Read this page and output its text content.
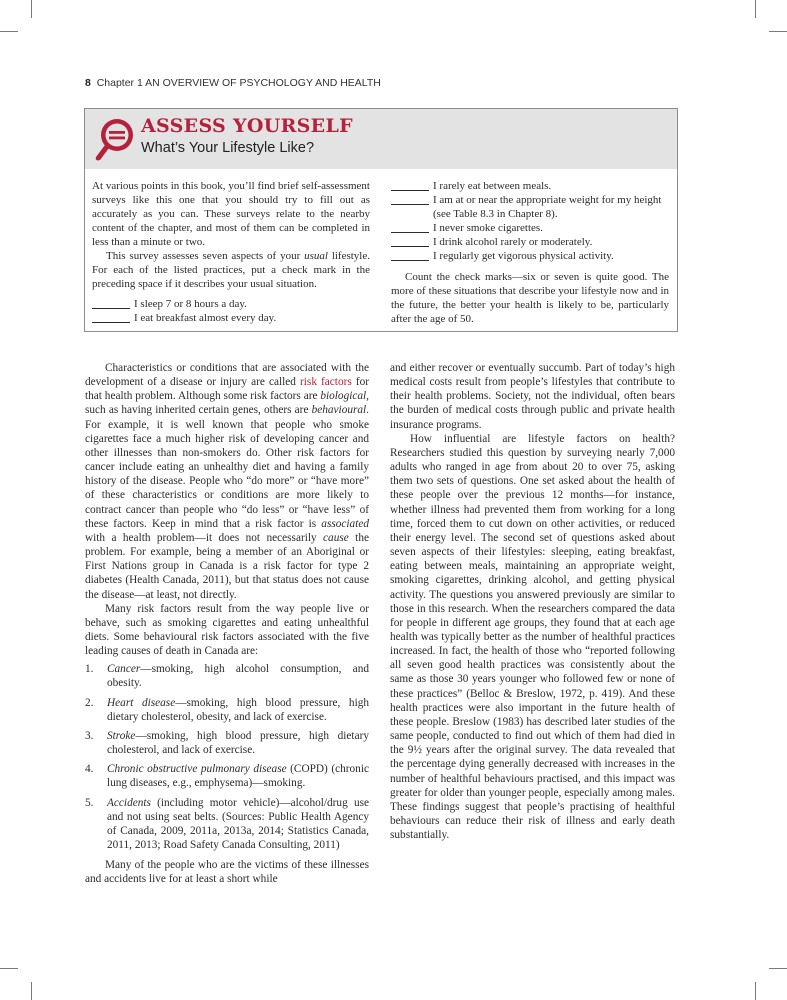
8 Chapter 1 AN OVERVIEW OF PSYCHOLOGY AND HEALTH
ASSESS YOURSELF
What’s Your Lifestyle Like?

At various points in this book, you’ll find brief self-assessment surveys like this one that you should try to fill out as accurately as you can. These surveys relate to the nearby content of the chapter, and most of them can be completed in less than a minute or two.

This survey assesses seven aspects of your usual lifestyle. For each of the listed practices, put a check mark in the preceding space if it describes your usual situation.

I sleep 7 or 8 hours a day.
I eat breakfast almost every day.
I rarely eat between meals.
I am at or near the appropriate weight for my height (see Table 8.3 in Chapter 8).
I never smoke cigarettes.
I drink alcohol rarely or moderately.
I regularly get vigorous physical activity.

Count the check marks—six or seven is quite good. The more of these situations that describe your lifestyle now and in the future, the better your health is likely to be, particularly after the age of 50.

Characteristics or conditions that are associated with the development of a disease or injury are called risk factors for that health problem. Although some risk factors are biological, such as having inherited certain genes, others are behavioural. For example, it is well known that people who smoke cigarettes face a much higher risk of developing cancer and other illnesses than non-smokers do. Other risk factors for cancer include eating an unhealthy diet and having a family history of the disease. People who “do more” or “have more” of these characteristics or conditions are more likely to contract cancer than people who “do less” or “have less” of these factors. Keep in mind that a risk factor is associated with a health problem—it does not necessarily cause the problem. For example, being a member of an Aboriginal or First Nations group in Canada is a risk factor for type 2 diabetes (Health Canada, 2011), but that status does not cause the disease—at least, not directly.

Many risk factors result from the way people live or behave, such as smoking cigarettes and eating unhealthful diets. Some behavioural risk factors associated with the five leading causes of death in Canada are:

1. Cancer—smoking, high alcohol consumption, and obesity.
2. Heart disease—smoking, high blood pressure, high dietary cholesterol, obesity, and lack of exercise.
3. Stroke—smoking, high blood pressure, high dietary cholesterol, and lack of exercise.
4. Chronic obstructive pulmonary disease (COPD) (chronic lung diseases, e.g., emphysema)—smoking.
5. Accidents (including motor vehicle)—alcohol/drug use and not using seat belts. (Sources: Public Health Agency of Canada, 2009, 2011a, 2013a, 2014; Statistics Canada, 2011, 2013; Road Safety Canada Consulting, 2011)

Many of the people who are the victims of these illnesses and accidents live for at least a short while

and either recover or eventually succumb. Part of today’s high medical costs result from people’s lifestyles that contribute to their health problems. Society, not the individual, often bears the burden of medical costs through public and private health insurance programs.

How influential are lifestyle factors on health? Researchers studied this question by surveying nearly 7,000 adults who ranged in age from about 20 to over 75, asking them two sets of questions. One set asked about the health of these people over the previous 12 months—for instance, whether illness had prevented them from working for a long time, forced them to cut down on other activities, or reduced their energy level. The second set of questions asked about seven aspects of their lifestyles: sleeping, eating breakfast, eating between meals, maintaining an appropriate weight, smoking cigarettes, drinking alcohol, and getting physical activity. The questions you answered previously are similar to those in this research. When the researchers compared the data for people in different age groups, they found that at each age health was typically better as the number of healthful practices increased. In fact, the health of those who “reported following all seven good health practices was consistently about the same as those 30 years younger who followed few or none of these practices” (Belloc & Breslow, 1972, p. 419). And these health practices were also important in the future health of these people. Breslow (1983) has described later studies of the same people, conducted to find out which of them had died in the 9½ years after the original survey. The data revealed that the percentage dying generally decreased with increases in the number of healthful behaviours practised, and this impact was greater for older than younger people, especially among males. These findings suggest that people’s practising of healthful behaviours can reduce their risk of illness and early death substantially.
